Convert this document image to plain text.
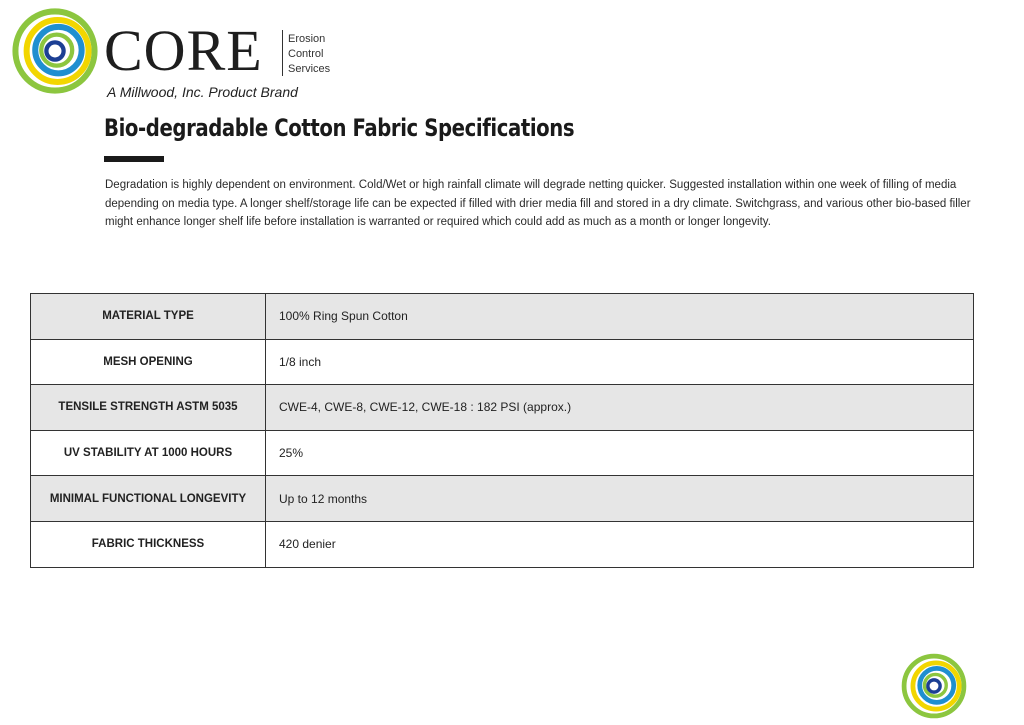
CORE Erosion
Control
Services
A Millwood, Inc. Product Brand
Bio-degradable Cotton Fabric Specifications

Degradation is highly dependent on environment. Cold/Wet or high rainfall climate will degrade netting quicker. Suggested installation within one week of filling of media depending on media type. A longer shelf/storage life can be expected if filled with drier media fill and stored in a dry climate. Switchgrass, and various other bio-based filler might enhance longer shelf life before installation is warranted or required which could add as much as a month or longer longevity.

MATERIAL TYPE	100% Ring Spun Cotton
MESH OPENING	1/8 inch
TENSILE STRENGTH ASTM 5035	CWE-4, CWE-8, CWE-12, CWE-18 : 182 PSI (approx.)
UV STABILITY AT 1000 HOURS	25%
MINIMAL FUNCTIONAL LONGEVITY	Up to 12 months
FABRIC THICKNESS	420 denier
